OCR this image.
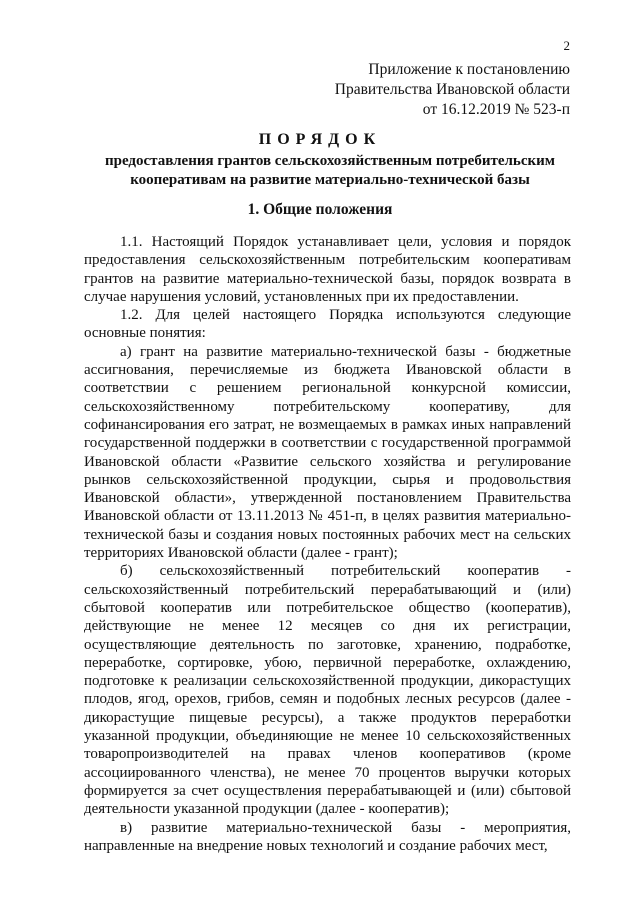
2
Приложение к постановлению
Правительства Ивановской области
от 16.12.2019 № 523-п
ПОРЯДОК
предоставления грантов сельскохозяйственным потребительским кооперативам на развитие материально-технической базы
1. Общие положения

1.1. Настоящий Порядок устанавливает цели, условия и порядок предоставления сельскохозяйственным потребительским кооперативам грантов на развитие материально-технической базы, порядок возврата в случае нарушения условий, установленных при их предоставлении.

1.2. Для целей настоящего Порядка используются следующие основные понятия:

а) грант на развитие материально-технической базы - бюджетные ассигнования, перечисляемые из бюджета Ивановской области в соответствии с решением региональной конкурсной комиссии, сельскохозяйственному потребительскому кооперативу, для софинансирования его затрат, не возмещаемых в рамках иных направлений государственной поддержки в соответствии с государственной программой Ивановской области «Развитие сельского хозяйства и регулирование рынков сельскохозяйственной продукции, сырья и продовольствия Ивановской области», утвержденной постановлением Правительства Ивановской области от 13.11.2013 № 451-п, в целях развития материально-технической базы и создания новых постоянных рабочих мест на сельских территориях Ивановской области (далее - грант);

б) сельскохозяйственный потребительский кооператив - сельскохозяйственный потребительский перерабатывающий и (или) сбытовой кооператив или потребительское общество (кооператив), действующие не менее 12 месяцев со дня их регистрации, осуществляющие деятельность по заготовке, хранению, подработке, переработке, сортировке, убою, первичной переработке, охлаждению, подготовке к реализации сельскохозяйственной продукции, дикорастущих плодов, ягод, орехов, грибов, семян и подобных лесных ресурсов (далее - дикорастущие пищевые ресурсы), а также продуктов переработки указанной продукции, объединяющие не менее 10 сельскохозяйственных товаропроизводителей на правах членов кооперативов (кроме ассоциированного членства), не менее 70 процентов выручки которых формируется за счет осуществления перерабатывающей и (или) сбытовой деятельности указанной продукции (далее - кооператив);

в) развитие материально-технической базы - мероприятия, направленные на внедрение новых технологий и создание рабочих мест,
